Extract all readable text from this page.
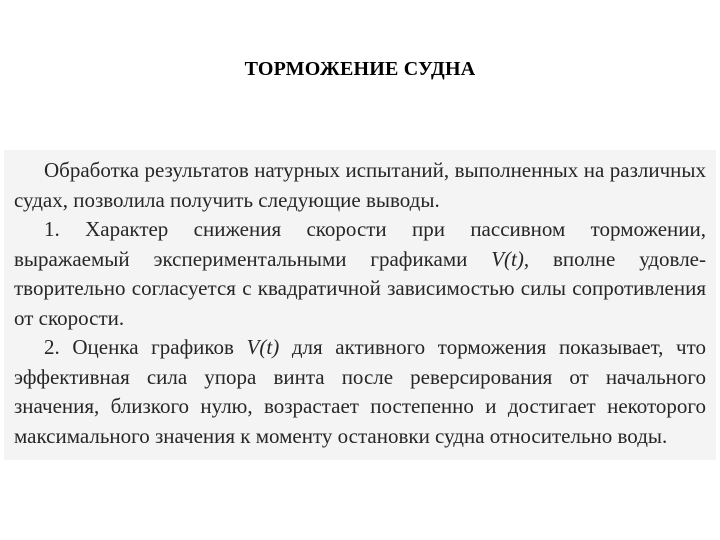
ТОРМОЖЕНИЕ СУДНА

Обработка результатов натурных испытаний, выполненных на различных судах, позволила получить следующие выводы.

1. Характер снижения скорости при пассивном торможении, выражаемый экспериментальными графиками V(t), вполне удовлетворительно согласуется с квадратичной зависимостью силы сопротивления от скорости.

2. Оценка графиков V(t) для активного торможения показывает, что эффективная сила упора винта после реверсирования от начального значения, близкого нулю, возрастает постепенно и достигает некоторого максимального значения к моменту остановки судна относительно воды.
